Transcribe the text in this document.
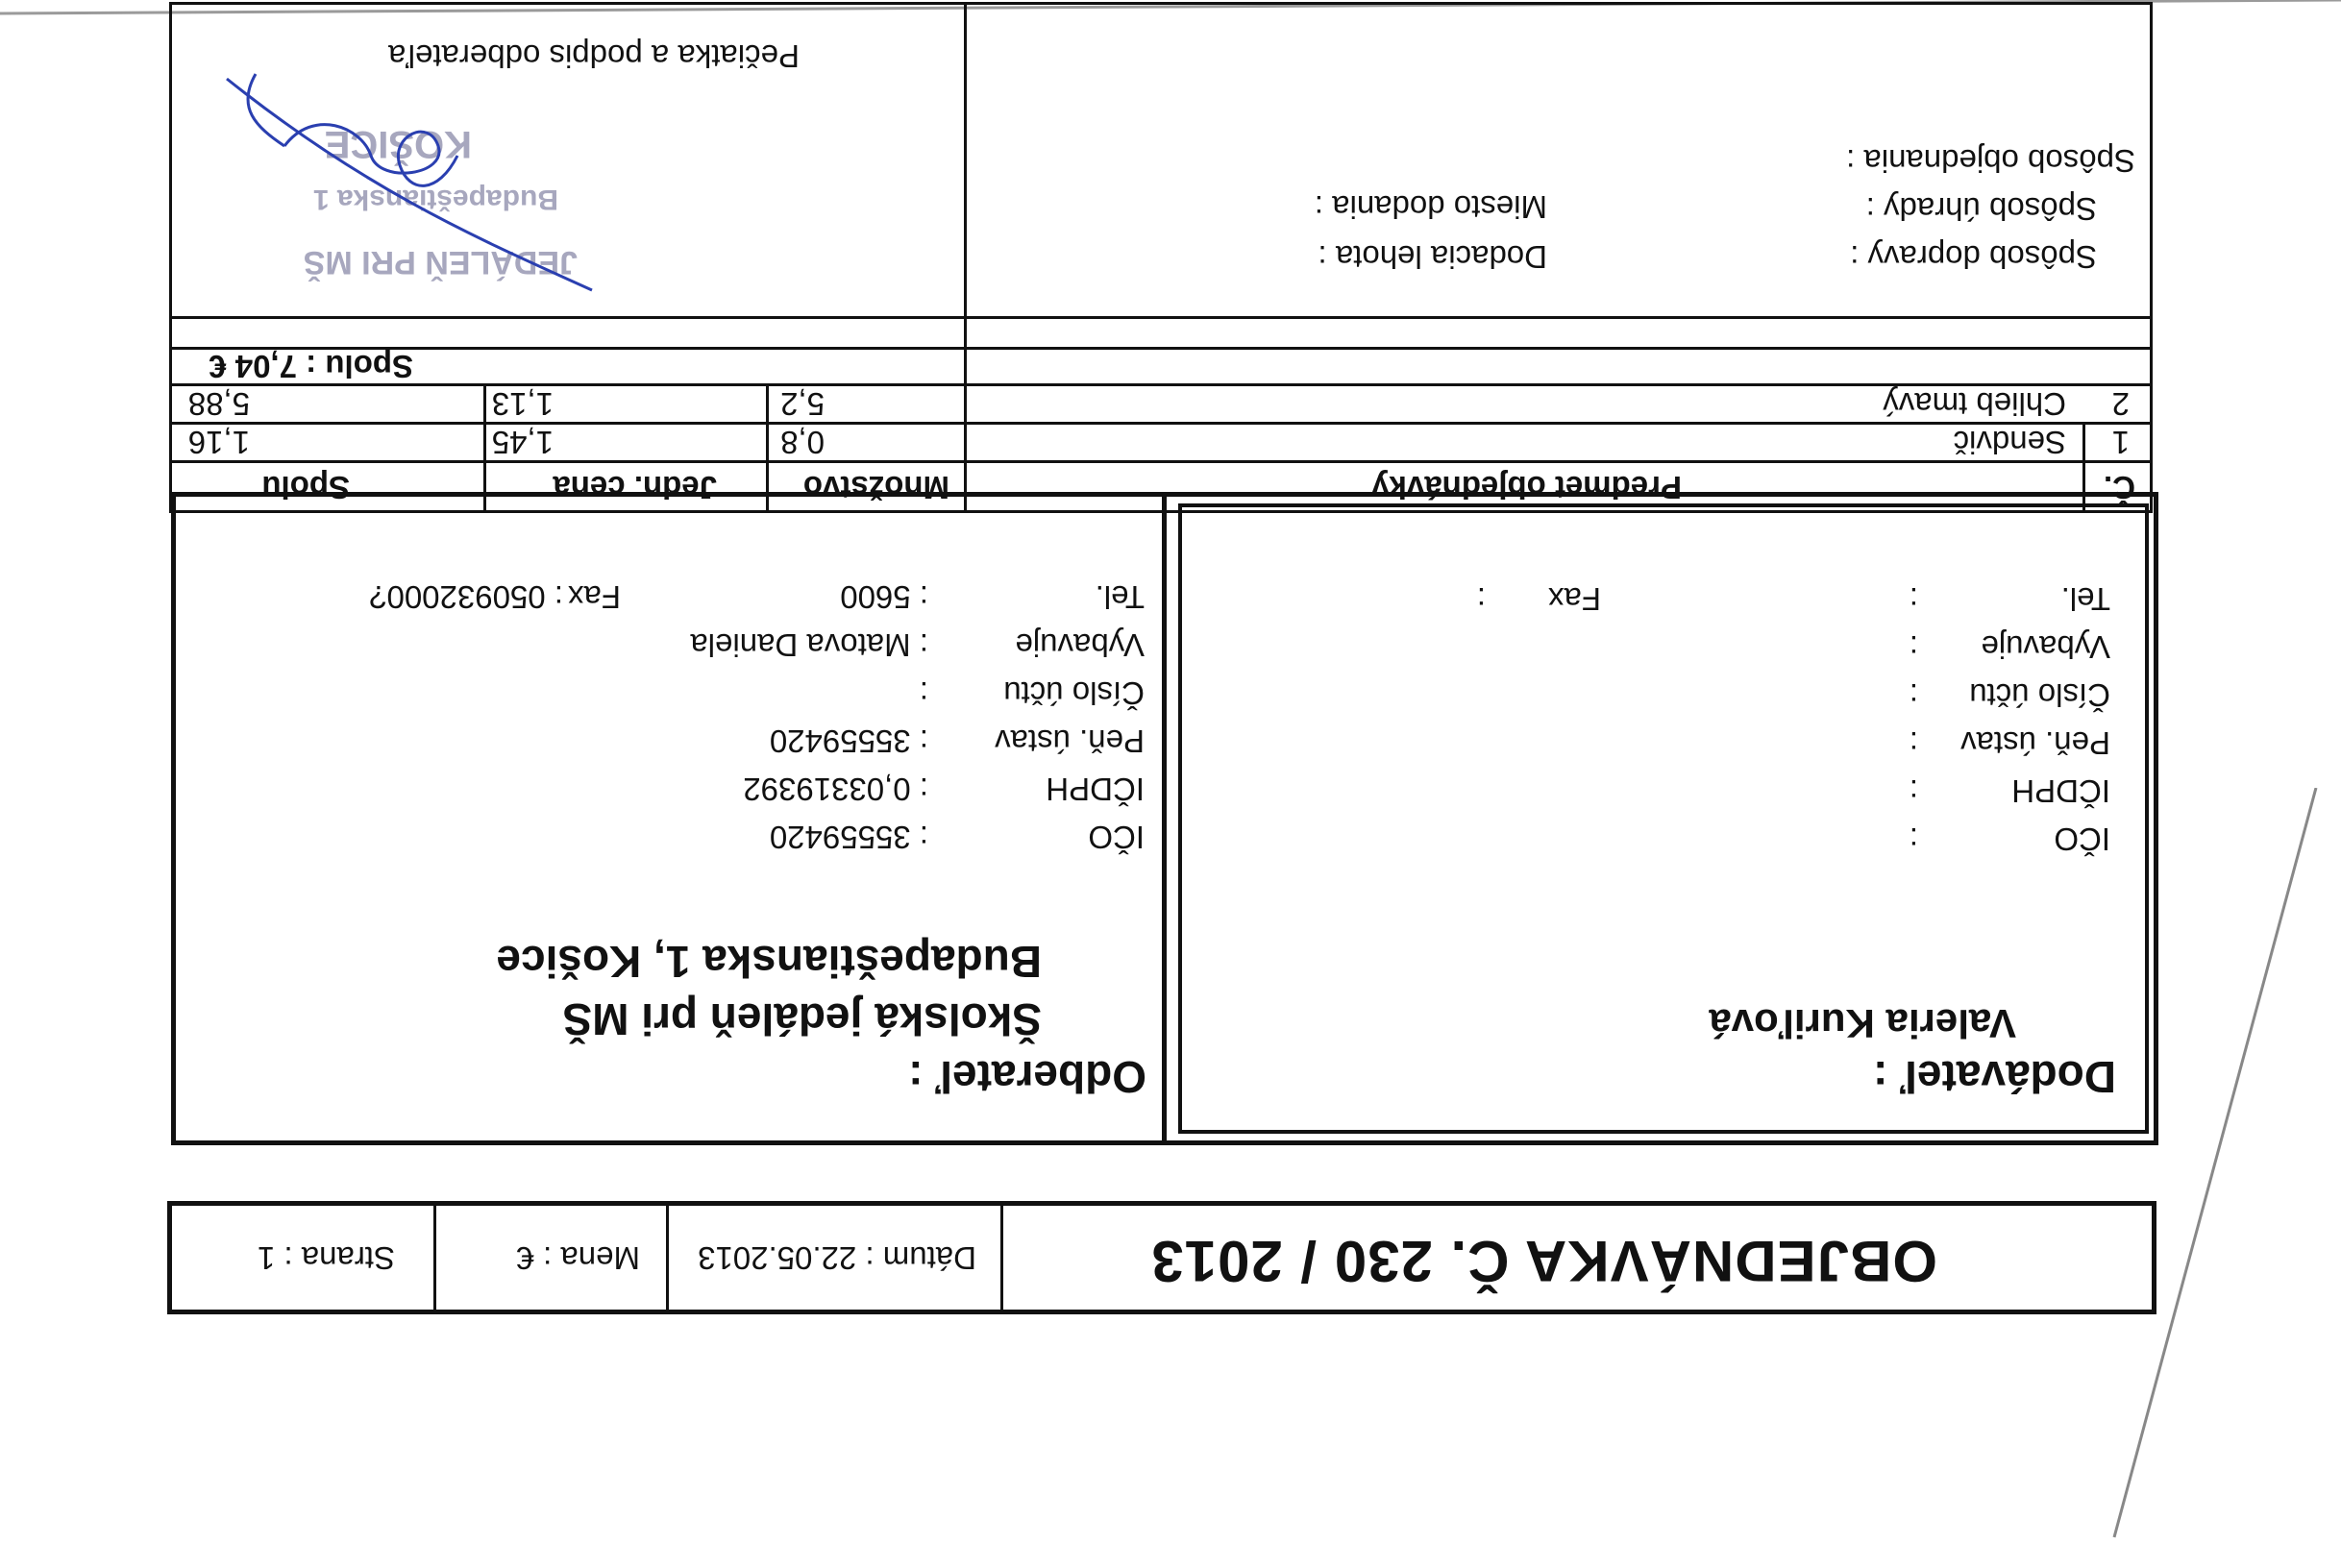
OBJEDNÁVKA Č. 230 / 2013
Dátum : 22.05.2013
Mena : €
Strana : 1
Dodávateľ :
Valeria Kuriľová
IČO
:
IČDPH
:
Peň. ústav
:
Číslo účtu
:
Vybavuje
:
Tel.
:
Fax
:
Odberateľ :
Školská jedáleň pri MŠ
Budapeštianska 1, Košice
IČO
: 35559420
IČDPH
: 0,03319392
Peň. ústav
: 35559420
Číslo účtu
:
Vybavuje
: Matova Daniela
Tel.
: 5600
Fax
: 050932000?
Č.
Predmet objednávky
Množstvo
Jedn. cena
Spolu
1
Sendvič
0,8
1,45
1,16
2
Chlieb tmavý
5,2
1,13
5,88
Spolu : 7,04 €
Spôsob dopravy :
Spôsob úhrady :
Spôsob objednania :
Dodacia lehota :
Miesto dodania :
Pečiatka a podpis odberateľa
JEDÁLEŇ PRI MŠ
Budapeštianska 1
KOŠICE
